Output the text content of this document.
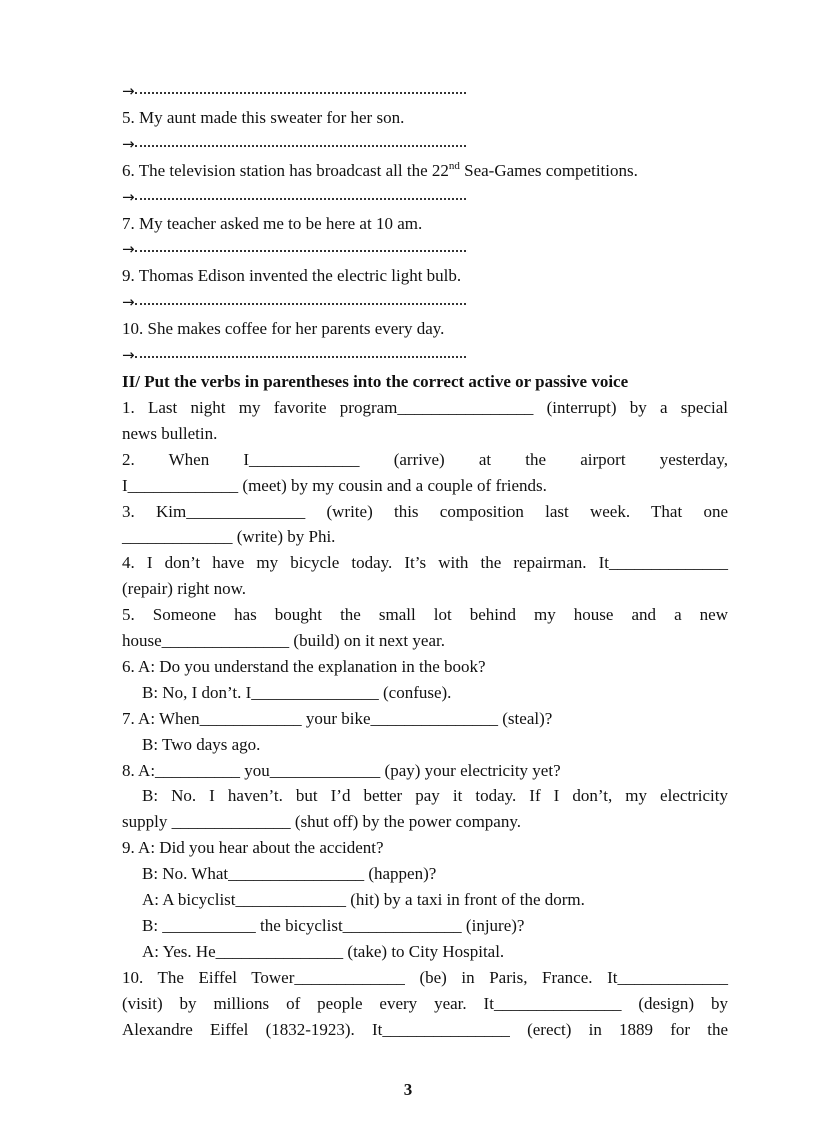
→
5. My aunt made this sweater for her son.
→
6. The television station has broadcast all the 22nd Sea-Games competitions.
→
7. My teacher asked me to be here at 10 am.
→
9. Thomas Edison invented the electric light bulb.
→
10. She makes coffee for her parents every day.
→
II/ Put the verbs in parentheses into the correct active or passive voice
1. Last night my favorite program________________ (interrupt) by a special
news bulletin.
2. When I_____________ (arrive) at the airport yesterday,
I_____________ (meet) by my cousin and a couple of friends.
3. Kim______________ (write) this composition last week. That one
_____________ (write) by Phi.
4. I don’t have my bicycle today. It’s with the repairman. It______________
(repair) right now.
5. Someone has bought the small lot behind my house and a new
house_______________ (build) on it next year.
6. A: Do you understand the explanation in the book?
B: No, I don’t. I_______________ (confuse).
7. A: When____________ your bike_______________ (steal)?
B: Two days ago.
8. A:__________ you_____________ (pay) your electricity yet?
B: No. I haven’t. but I’d better pay it today. If I don’t, my electricity
supply ______________ (shut off) by the power company.
9. A: Did you hear about the accident?
B: No. What________________ (happen)?
A: A bicyclist_____________ (hit) by a taxi in front of the dorm.
B: ___________ the bicyclist______________ (injure)?
A: Yes. He_______________ (take) to City Hospital.
10. The Eiffel Tower_____________ (be) in Paris, France. It_____________
(visit) by millions of people every year. It_______________ (design) by
Alexandre Eiffel (1832-1923). It_______________ (erect) in 1889 for the
3
